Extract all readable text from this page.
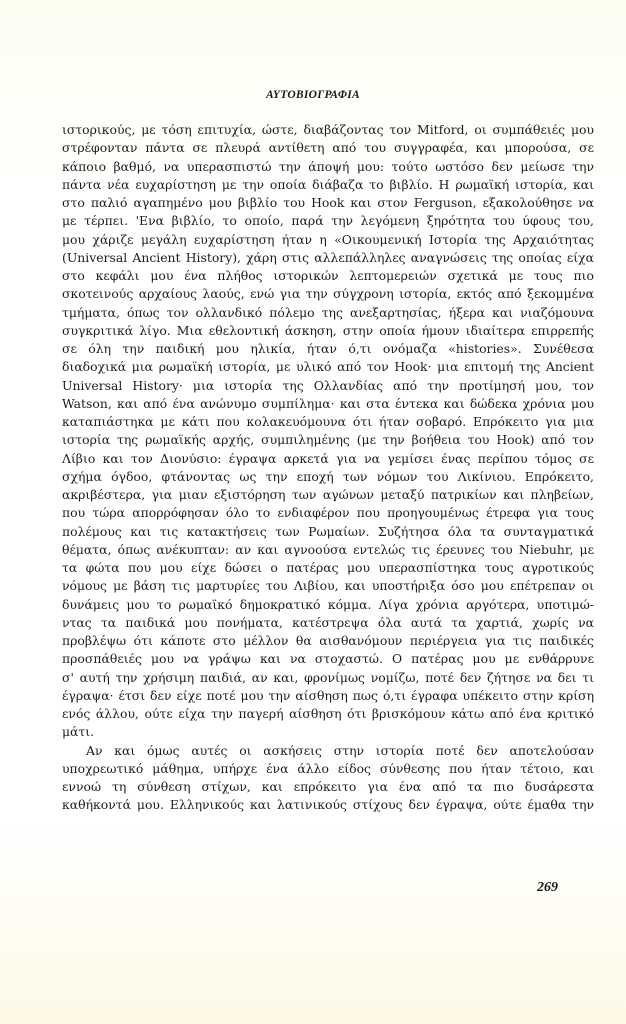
ΑΥΤΟΒΙΟΓΡΑΦΙΑ
ιστορικούς, με τόση επιτυχία, ώστε, διαβάζοντας τον Mitford, οι συμπάθειές μου
στρέφονταν πάντα σε πλευρά αντίθετη από του συγγραφέα, και μπορούσα, σε
κάποιο βαθμό, να υπερασπιστώ την άποψή μου: τούτο ωστόσο δεν μείωσε την
πάντα νέα ευχαρίστηση με την οποία διάβαζα το βιβλίο. Η ρωμαϊκή ιστορία, και
στο παλιό αγαπημένο μου βιβλίο του Hook και στον Ferguson, εξακολούθησε να
με τέρπει. 'Ενα βιβλίο, το οποίο, παρά την λεγόμενη ξηρότητα του ύφους του,
μου χάριζε μεγάλη ευχαρίστηση ήταν η «Οικουμενική Ιστορία της Αρχαιότητας
(Universal Ancient History), χάρη στις αλλεπάλληλες αναγνώσεις της οποίας είχα
στο κεφάλι μου ένα πλήθος ιστορικών λεπτομερειών σχετικά με τους πιο
σκοτεινούς αρχαίους λαούς, ενώ για την σύγχρονη ιστορία, εκτός από ξεκομμένα
τμήματα, όπως τον ολλανδικό πόλεμο της ανεξαρτησίας, ήξερα και νιαζόμουνα
συγκριτικά λίγο. Μια εθελοντική άσκηση, στην οποία ήμουν ιδιαίτερα επιρρεπής
σε όλη την παιδική μου ηλικία, ήταν ό,τι ονόμαζα «histories». Συνέθεσα
διαδοχικά μια ρωμαϊκή ιστορία, με υλικό από τον Hook· μια επιτομή της Ancient
Universal History· μια ιστορία της Ολλανδίας από την προτίμησή μου, τον
Watson, και από ένα ανώνυμο συμπίλημα· και στα έντεκα και δώδεκα χρόνια μου
καταπιάστηκα με κάτι που κολακευόμουνα ότι ήταν σοβαρό. Επρόκειτο για μια
ιστορία της ρωμαϊκής αρχής, συμπιλημένης (με την βοήθεια του Hook) από τον
Λίβιο και τον Διονύσιο: έγραψα αρκετά για να γεμίσει ένας περίπου τόμος σε
σχήμα όγδοο, φτάνοντας ως την εποχή των νόμων του Λικίνιου. Επρόκειτο,
ακριβέστερα, για μιαν εξιστόρηση των αγώνων μεταξύ πατρικίων και πληβείων,
που τώρα απορρόφησαν όλο το ενδιαφέρον που προηγουμένως έτρεφα για τους
πολέμους και τις κατακτήσεις των Ρωμαίων. Συζήτησα όλα τα συνταγματικά
θέματα, όπως ανέκυπταν: αν και αγνοούσα εντελώς τις έρευνες του Niebuhr, με
τα φώτα που μου είχε δώσει ο πατέρας μου υπερασπίστηκα τους αγροτικούς
νόμους με βάση τις μαρτυρίες του Λιβίου, και υποστήριξα όσο μου επέτρεπαν οι
δυνάμεις μου το ρωμαϊκό δημοκρατικό κόμμα. Λίγα χρόνια αργότερα, υποτιμώ-
ντας τα παιδικά μου πονήματα, κατέστρεψα όλα αυτά τα χαρτιά, χωρίς να
προβλέψω ότι κάποτε στο μέλλον θα αισθανόμουν περιέργεια για τις παιδικές
προσπάθειές μου να γράψω και να στοχαστώ. Ο πατέρας μου με ενθάρρυνε
σ' αυτή την χρήσιμη παιδιά, αν και, φρονίμως νομίζω, ποτέ δεν ζήτησε να δει τι
έγραψα· έτσι δεν είχε ποτέ μου την αίσθηση πως ό,τι έγραφα υπέκειτο στην κρίση
ενός άλλου, ούτε είχα την παγερή αίσθηση ότι βρισκόμουν κάτω από ένα κριτικό
μάτι.
Αν και όμως αυτές οι ασκήσεις στην ιστορία ποτέ δεν αποτελούσαν
υποχρεωτικό μάθημα, υπήρχε ένα άλλο είδος σύνθεσης που ήταν τέτοιο, και
εννοώ τη σύνθεση στίχων, και επρόκειτο για ένα από τα πιο δυσάρεστα
καθήκοντά μου. Ελληνικούς και λατινικούς στίχους δεν έγραψα, ούτε έμαθα την
269
